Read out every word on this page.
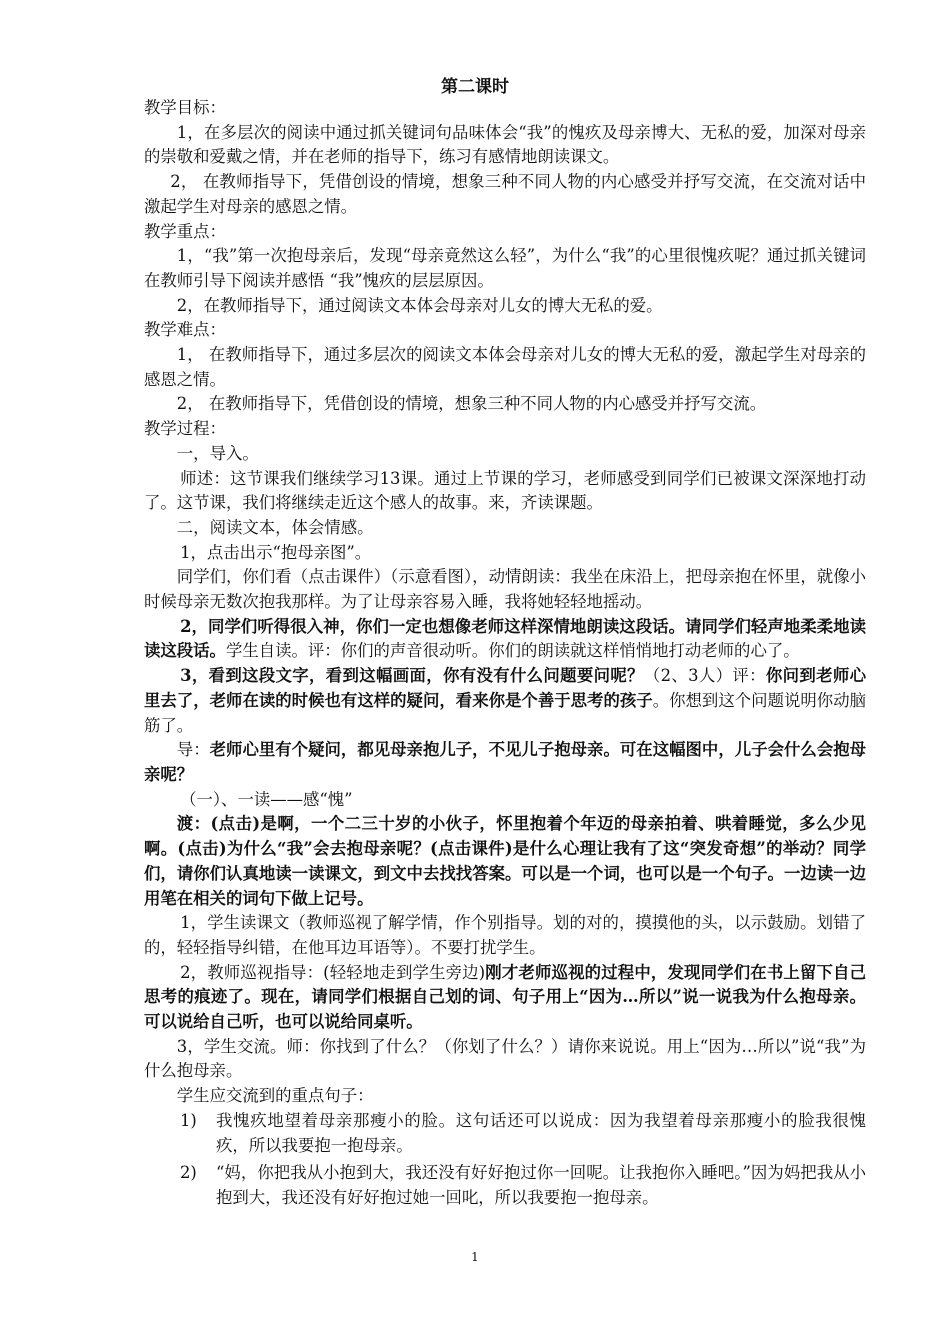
第二课时

教学目标：

1，在多层次的阅读中通过抓关键词句品味体会“我”的愧疚及母亲博大、无私的爱，加深对母亲的崇敬和爱戴之情，并在老师的指导下，练习有感情地朗读课文。

2， 在教师指导下，凭借创设的情境，想象三种不同人物的内心感受并抒写交流，在交流对话中激起学生对母亲的感恩之情。

教学重点：

1，“我”第一次抱母亲后，发现“母亲竟然这么轻”，为什么“我”的心里很愧疚呢？通过抓关键词在教师引导下阅读并感悟 “我”愧疚的层层原因。

2，在教师指导下，通过阅读文本体会母亲对儿女的博大无私的爱。

教学难点：

1， 在教师指导下，通过多层次的阅读文本体会母亲对儿女的博大无私的爱，激起学生对母亲的感恩之情。

2， 在教师指导下，凭借创设的情境，想象三种不同人物的内心感受并抒写交流。

教学过程：

一，导入。

师述：这节课我们继续学习13课。通过上节课的学习，老师感受到同学们已被课文深深地打动了。这节课，我们将继续走近这个感人的故事。来，齐读课题。

二，阅读文本，体会情感。

1，点击出示“抱母亲图”。

同学们，你们看（点击课件）（示意看图），动情朗读：我坐在床沿上，把母亲抱在怀里，就像小时候母亲无数次抱我那样。为了让母亲容易入睡，我将她轻轻地摇动。

2，同学们听得很入神，你们一定也想像老师这样深情地朗读这段话。请同学们轻声地柔柔地读读这段话。学生自读。评：你们的声音很动听。你们的朗读就这样悄悄地打动老师的心了。

3，看到这段文字，看到这幅画面，你有没有什么问题要问呢？（2、3人）评：你问到老师心里去了，老师在读的时候也有这样的疑问，看来你是个善于思考的孩子。你想到这个问题说明你动脑筋了。

导：老师心里有个疑问，都见母亲抱儿子，不见儿子抱母亲。可在这幅图中，儿子会什么会抱母亲呢？

（一）、一读——感“愧”

渡：(点击)是啊，一个二三十岁的小伙子，怀里抱着个年迈的母亲拍着、哄着睡觉，多么少见啊。(点击)为什么“我”会去抱母亲呢？(点击课件)是什么心理让我有了这“突发奇想”的举动？同学们，请你们认真地读一读课文，到文中去找找答案。可以是一个词，也可以是一个句子。一边读一边用笔在相关的词句下做上记号。

1，学生读课文（教师巡视了解学情，作个别指导。划的对的，摸摸他的头，以示鼓励。划错了的，轻轻指导纠错，在他耳边耳语等）。不要打扰学生。

2，教师巡视指导：(轻轻地走到学生旁边)刚才老师巡视的过程中，发现同学们在书上留下自己思考的痕迹了。现在，请同学们根据自己划的词、句子用上“因为…所以”说一说我为什么抱母亲。可以说给自己听，也可以说给同桌听。

3，学生交流。师：你找到了什么？（你划了什么？）请你来说说。用上“因为…所以”说“我”为什么抱母亲。

学生应交流到的重点句子：

1)	我愧疚地望着母亲那瘦小的脸。这句话还可以说成：因为我望着母亲那瘦小的脸我很愧疚，所以我要抱一抱母亲。
2)	“妈，你把我从小抱到大，我还没有好好抱过你一回呢。让我抱你入睡吧。”因为妈把我从小抱到大，我还没有好好抱过她一回叱，所以我要抱一抱母亲。
1
